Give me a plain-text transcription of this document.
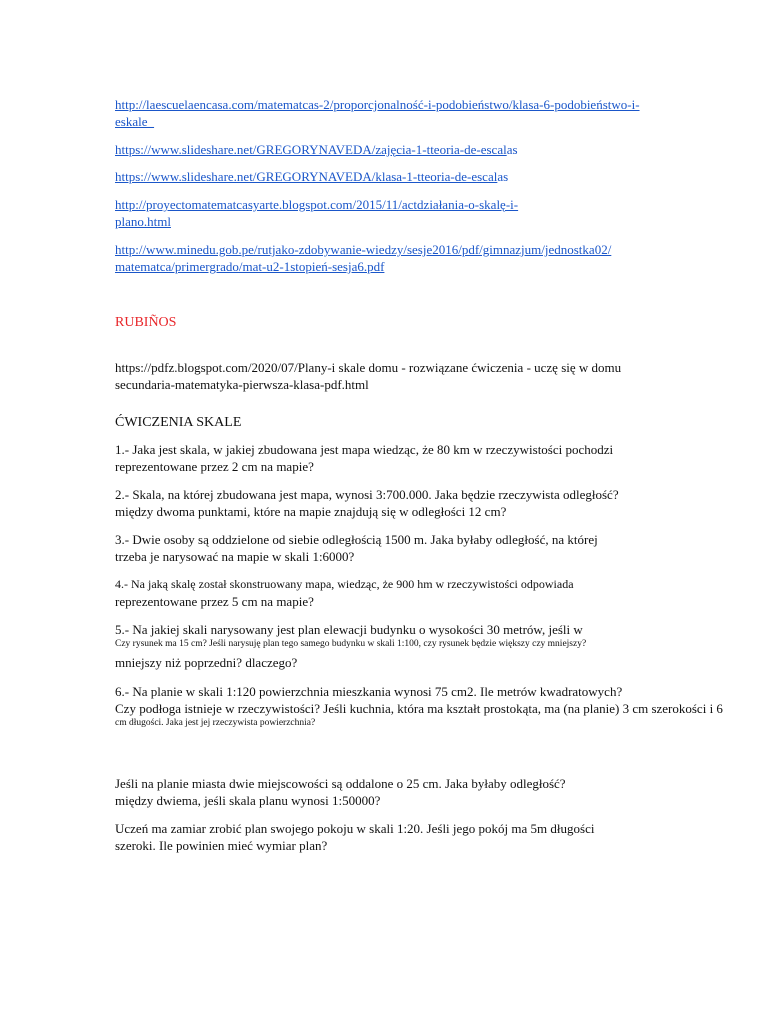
http://laescuelaencasa.com/matematcas-2/proporcjonalność-i-podobieństwo/klasa-6-podobieństwo-i-
eskale_
https://www.slideshare.net/GREGORYNAVEDA/zajęcia-1-tteoria-de-escalas
https://www.slideshare.net/GREGORYNAVEDA/klasa-1-tteoria-de-escalas
http://proyectomatematcasyarte.blogspot.com/2015/11/actdziałania-o-skalę-i-
plano.html
http://www.minedu.gob.pe/rutjako-zdobywanie-wiedzy/sesje2016/pdf/gimnazjum/jednostka02/
matematca/primergrado/mat-u2-1stopień-sesja6.pdf
RUBIÑOS
https://pdfz.blogspot.com/2020/07/Plany-i skale domu - rozwiązane ćwiczenia - uczę się w domu
secundaria-matematyka-pierwsza-klasa-pdf.html
ĆWICZENIA SKALE
1.- Jaka jest skala, w jakiej zbudowana jest mapa wiedząc, że 80 km w rzeczywistości pochodzi
reprezentowane przez 2 cm na mapie?
2.- Skala, na której zbudowana jest mapa, wynosi 3:700.000. Jaka będzie rzeczywista odległość?
między dwoma punktami, które na mapie znajdują się w odległości 12 cm?
3.- Dwie osoby są oddzielone od siebie odległością 1500 m. Jaka byłaby odległość, na której
trzeba je narysować na mapie w skali 1:6000?
4.- Na jaką skalę został skonstruowany mapa, wiedząc, że 900 hm w rzeczywistości odpowiada
reprezentowane przez 5 cm na mapie?
5.- Na jakiej skali narysowany jest plan elewacji budynku o wysokości 30 metrów, jeśli w
Czy rysunek ma 15 cm? Jeśli narysuję plan tego samego budynku w skali 1:100, czy rysunek będzie większy czy mniejszy?
mniejszy niż poprzedni? dlaczego?
6.- Na planie w skali 1:120 powierzchnia mieszkania wynosi 75 cm2. Ile metrów kwadratowych?
Czy podłoga istnieje w rzeczywistości? Jeśli kuchnia, która ma kształt prostokąta, ma (na planie) 3 cm szerokości i 6
cm długości. Jaka jest jej rzeczywista powierzchnia?
Jeśli na planie miasta dwie miejscowości są oddalone o 25 cm. Jaka byłaby odległość?
między dwiema, jeśli skala planu wynosi 1:50000?
Uczeń ma zamiar zrobić plan swojego pokoju w skali 1:20. Jeśli jego pokój ma 5m długości
szeroki. Ile powinien mieć wymiar plan?
